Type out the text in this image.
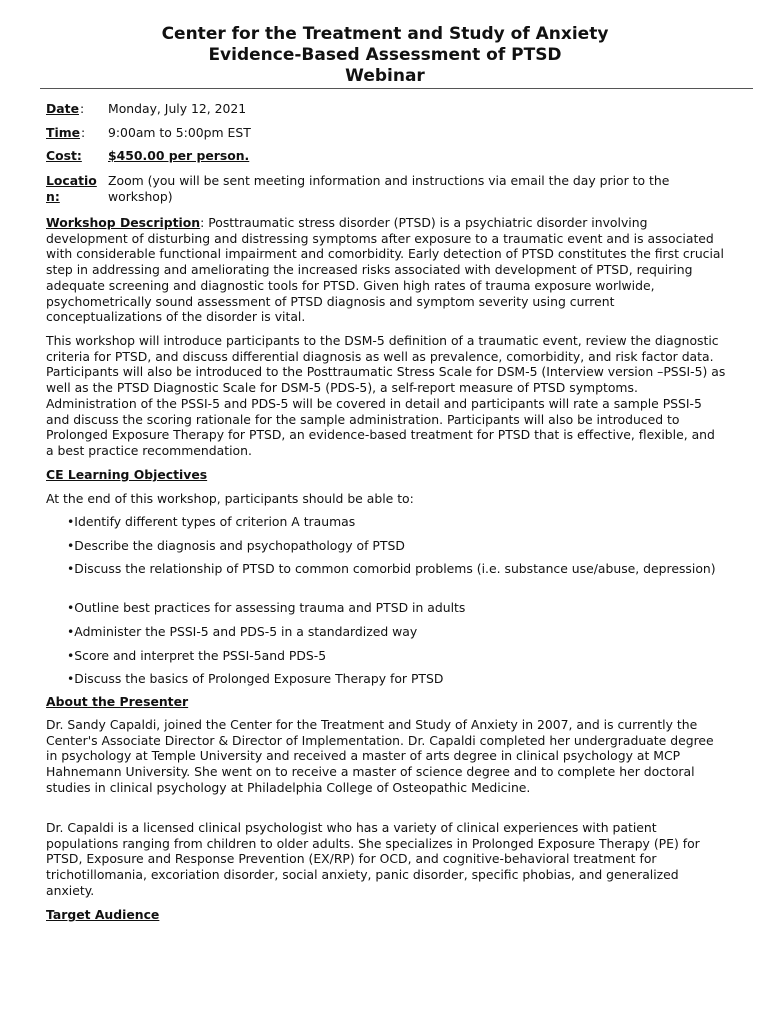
Center for the Treatment and Study of Anxiety
Evidence-Based Assessment of PTSD
Webinar
Date : Monday, July 12, 2021
Time : 9:00am to 5:00pm EST
Cost:	$450.00 per person.
Location:
Zoom (you will be sent meeting information and instructions via email the day prior to the workshop)
Workshop Description: Posttraumatic stress disorder (PTSD) is a psychiatric disorder involving development of disturbing and distressing symptoms after exposure to a traumatic event and is associated with considerable functional impairment and comorbidity. Early detection of PTSD constitutes the first crucial step in addressing and ameliorating the increased risks associated with development of PTSD, requiring adequate screening and diagnostic tools for PTSD. Given high rates of trauma exposure worlwide, psychometrically sound assessment of PTSD diagnosis and symptom severity using current conceptualizations of the disorder is vital.
This workshop will introduce participants to the DSM-5 definition of a traumatic event, review the diagnostic criteria for PTSD, and discuss differential diagnosis as well as prevalence, comorbidity, and risk factor data. Participants will also be introduced to the Posttraumatic Stress Scale for DSM-5 (Interview version –PSSI-5) as well as the PTSD Diagnostic Scale for DSM-5 (PDS-5), a self-report measure of PTSD symptoms. Administration of the PSSI-5 and PDS-5 will be covered in detail and participants will rate a sample PSSI-5 and discuss the scoring rationale for the sample administration. Participants will also be introduced to Prolonged Exposure Therapy for PTSD, an evidence-based treatment for PTSD that is effective, flexible, and a best practice recommendation.
CE Learning Objectives
At the end of this workshop, participants should be able to:
•Identify different types of criterion A traumas
•Describe the diagnosis and psychopathology of PTSD
•Discuss the relationship of PTSD to common comorbid problems (i.e. substance use/abuse, depression)
•Outline best practices for assessing trauma and PTSD in adults
•Administer the PSSI-5 and PDS-5 in a standardized way
•Score and interpret the PSSI-5and PDS-5
•Discuss the basics of Prolonged Exposure Therapy for PTSD
About the Presenter
Dr. Sandy Capaldi, joined the Center for the Treatment and Study of Anxiety in 2007, and is currently the Center's Associate Director & Director of Implementation. Dr. Capaldi completed her undergraduate degree in psychology at Temple University and received a master of arts degree in clinical psychology at MCP Hahnemann University. She went on to receive a master of science degree and to complete her doctoral studies in clinical psychology at Philadelphia College of Osteopathic Medicine.
Dr. Capaldi is a licensed clinical psychologist who has a variety of clinical experiences with patient populations ranging from children to older adults. She specializes in Prolonged Exposure Therapy (PE) for PTSD, Exposure and Response Prevention (EX/RP) for OCD, and cognitive-behavioral treatment for trichotillomania, excoriation disorder, social anxiety, panic disorder, specific phobias, and generalized anxiety.
Target Audience
